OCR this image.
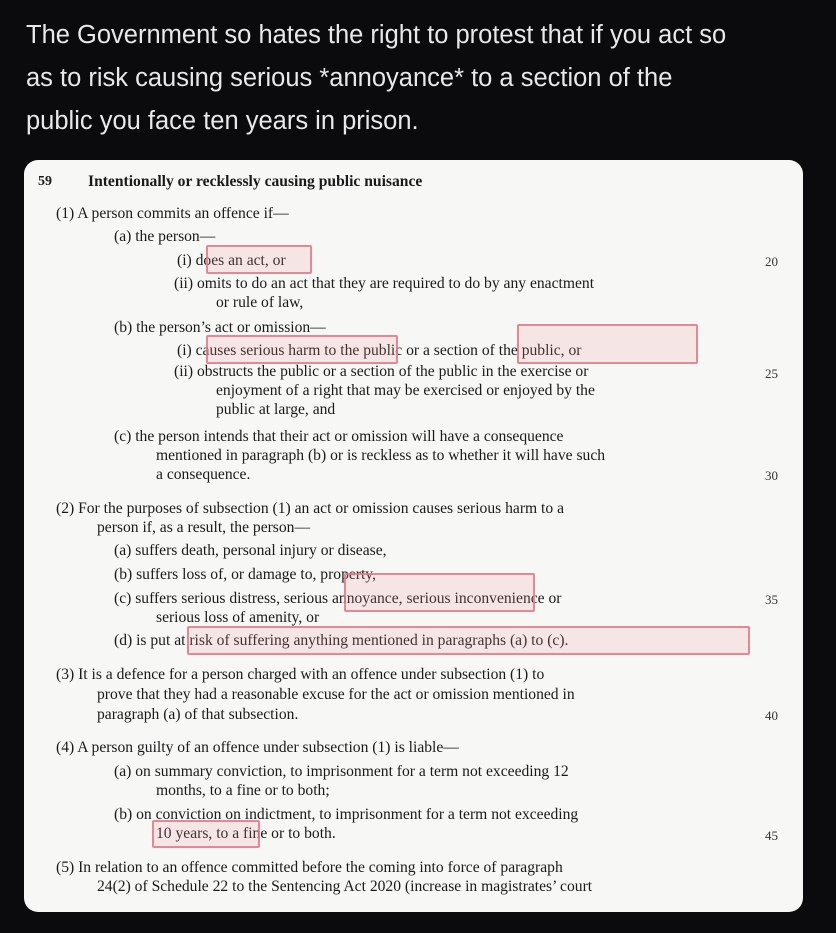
The Government so hates the right to protest that if you act so
as to risk causing serious *annoyance* to a section of the
public you face ten years in prison.
59 Intentionally or recklessly causing public nuisance
(1) A person commits an offence if—
(a) the person—
(i) does an act, or
(ii) omits to do an act that they are required to do by any enactment
or rule of law,
(b) the person’s act or omission—
(i) causes serious harm to the public or a section of the public, or
(ii) obstructs the public or a section of the public in the exercise or
enjoyment of a right that may be exercised or enjoyed by the
public at large, and
(c) the person intends that their act or omission will have a consequence
mentioned in paragraph (b) or is reckless as to whether it will have such
a consequence.
(2) For the purposes of subsection (1) an act or omission causes serious harm to a
person if, as a result, the person—
(a) suffers death, personal injury or disease,
(b) suffers loss of, or damage to, property,
(c) suffers serious distress, serious annoyance, serious inconvenience or
serious loss of amenity, or
(d) is put at risk of suffering anything mentioned in paragraphs (a) to (c).
(3) It is a defence for a person charged with an offence under subsection (1) to
prove that they had a reasonable excuse for the act or omission mentioned in
paragraph (a) of that subsection.
(4) A person guilty of an offence under subsection (1) is liable—
(a) on summary conviction, to imprisonment for a term not exceeding 12
months, to a fine or to both;
(b) on conviction on indictment, to imprisonment for a term not exceeding
10 years, to a fine or to both.
(5) In relation to an offence committed before the coming into force of paragraph
24(2) of Schedule 22 to the Sentencing Act 2020 (increase in magistrates’ court
20
25
30
35
40
45
